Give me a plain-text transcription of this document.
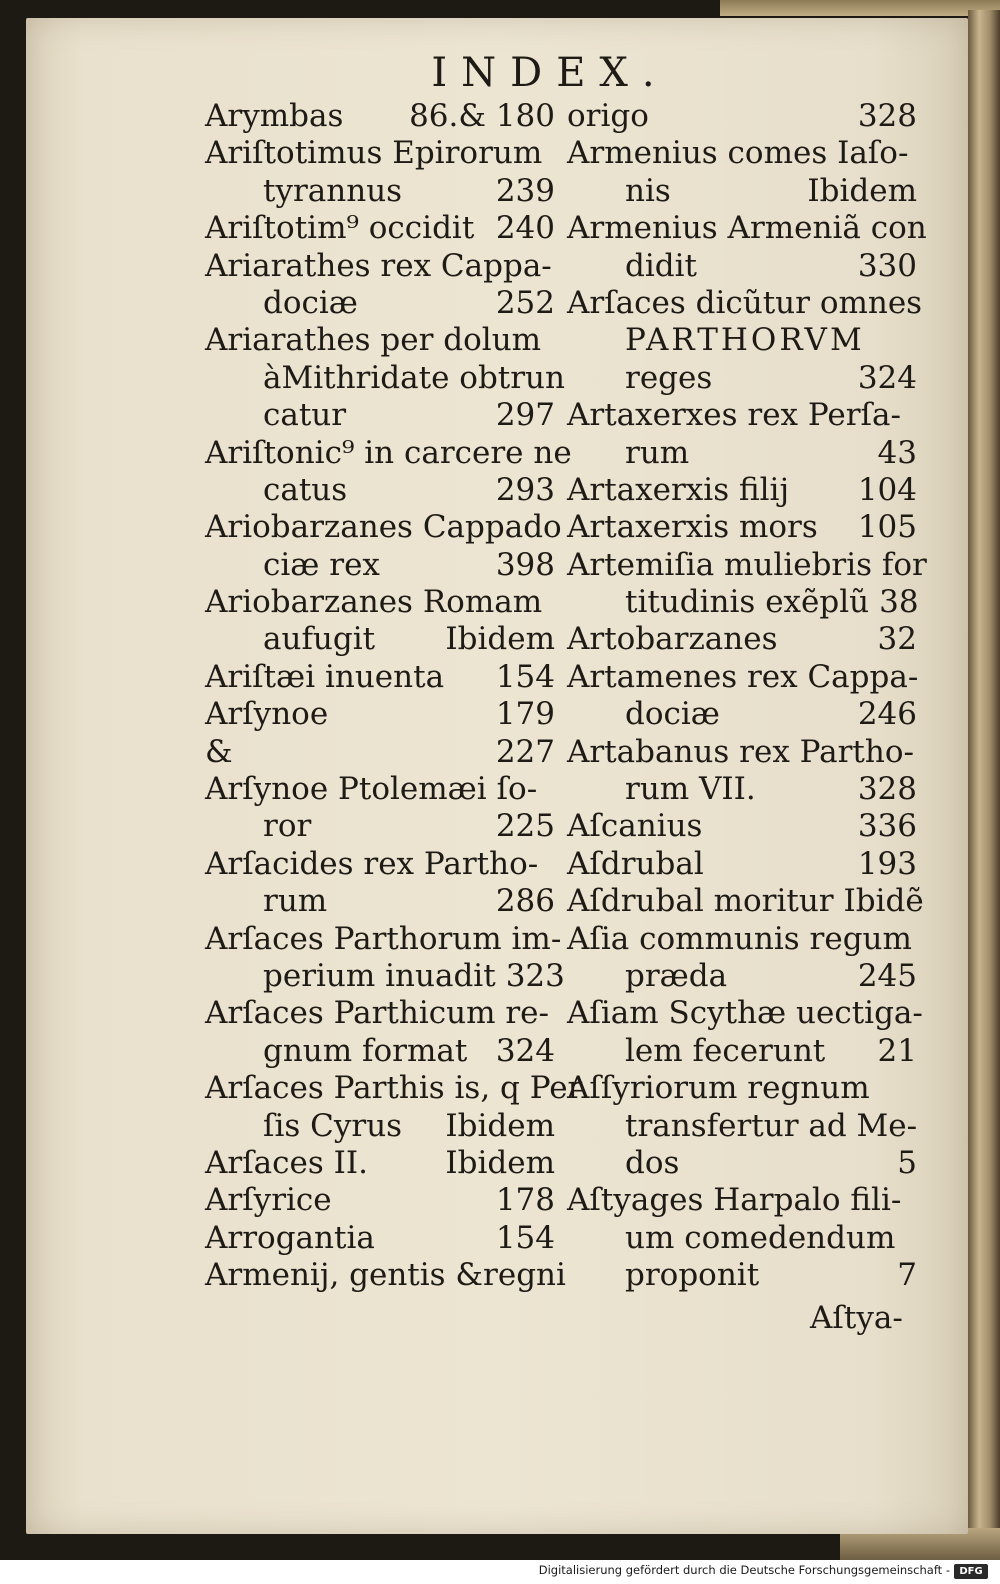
INDEX.
Arymbas	86.& 180
Ariſtotimus Epirorum
tyrannus	239
Ariſtotim⁹ occidit 240
Ariarathes rex Cappa-
dociæ	252
Ariarathes per dolum
àMithridate obtrun
catur	297
Ariſtonic⁹ in carcere ne
catus	293
Ariobarzanes Cappado
ciæ rex	398
Ariobarzanes Romam
aufugit	Ibidem
Ariſtæi inuenta	154
Arſynoe	179
&	227
Arſynoe Ptolemæi ſo-
ror	225
Arſacides rex Partho-
rum	286
Arſaces Parthorum im-
perium inuadit 323
Arſaces Parthicum re-
gnum format 324
Arſaces Parthis is, q Per
ſis Cyrus	Ibidem
Arſaces II.	Ibidem
Arſyrice	178
Arrogantia	154
Armenij, gentis &regni
origo	328
Armenius comes Iaſo-
nis	Ibidem
Armenius Armeniã con
didit	330
Arſaces dicũtur omnes
PARTHORVM
reges	324
Artaxerxes rex Perſa-
rum	43
Artaxerxis filij	104
Artaxerxis mors	105
Artemiſia muliebris for
titudinis exẽplũ 38
Artobarzanes	32
Artamenes rex Cappa-
dociæ	246
Artabanus rex Partho-
rum VII.	328
Aſcanius	336
Aſdrubal	193
Aſdrubal moritur Ibidẽ
Aſia communis regum
præda	245
Aſiam Scythæ uectiga-
lem fecerunt	21
Aſſyriorum regnum
transfertur ad Me-
dos	5
Aſtyages Harpalo fili-
um comedendum
proponit	7
Aſtya-
Digitalisierung gefördert durch die Deutsche Forschungsgemeinschaft - DFG
